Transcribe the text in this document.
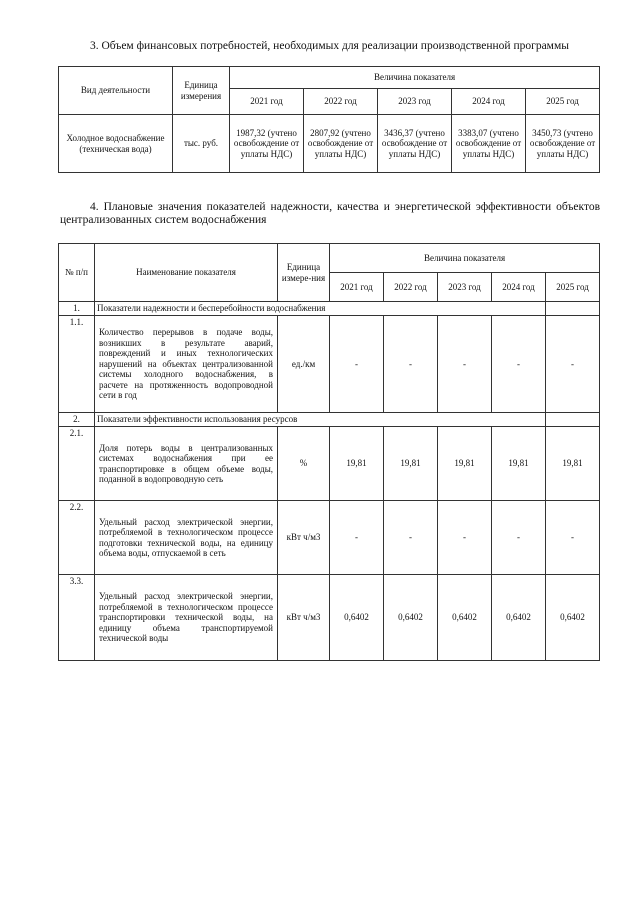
3. Объем финансовых потребностей, необходимых для реализации производственной программы
Вид деятельности	Единица измерения	Величина показателя				
		2021 год	2022 год	2023 год	2024 год	2025 год
Холодное водоснабжение (техническая вода)	тыс. руб.	1987,32 (учтено освобождение от уплаты НДС)	2807,92 (учтено освобождение от уплаты НДС)	3436,37 (учтено освобождение от уплаты НДС)	3383,07 (учтено освобождение от уплаты НДС)	3450,73 (учтено освобождение от уплаты НДС)
4. Плановые значения показателей надежности, качества и энергетической эффективности объектов централизованных систем водоснабжения
№ п/п	Наименование показателя	Единица измере-ния	Величина показателя				
			2021 год	2022 год	2023 год	2024 год	2025 год
1.	Показатели надежности и бесперебойности водоснабжения						
1.1.	Количество перерывов в подаче воды, возникших в результате аварий, повреждений и иных технологических нарушений на объектах централизованной системы холодного водоснабжения, в расчете на протяженность водопроводной сети в год	ед./км	-	-	-	-	-
2.	Показатели эффективности использования ресурсов						
2.1.	Доля потерь воды в централизованных системах водоснабжения при ее транспортировке в общем объеме воды, поданной в водопроводную сеть	%	19,81	19,81	19,81	19,81	19,81
2.2.	Удельный расход электрической энергии, потребляемой в технологическом процессе подготовки технической воды, на единицу объема воды, отпускаемой в сеть	кВт ч/м3	-	-	-	-	-
3.3.	Удельный расход электрической энергии, потребляемой в технологическом процессе транспортировки технической воды, на единицу объема транспортируемой технической воды	кВт ч/м3	0,6402	0,6402	0,6402	0,6402	0,6402
